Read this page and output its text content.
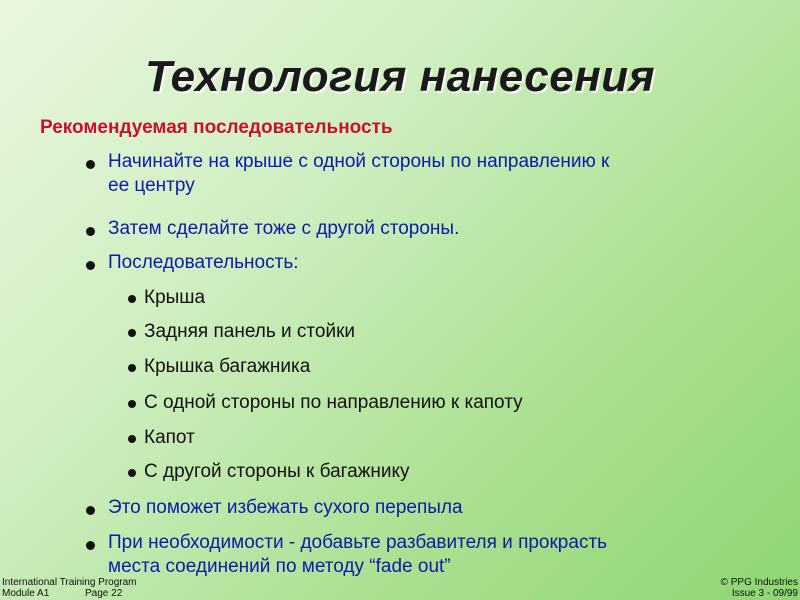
Технология нанесения
Рекомендуемая последовательность
Начинайте на крыше с одной стороны по направлению к
ее центру
Затем сделайте тоже с другой стороны.
Последовательность:
Крыша
Задняя панель и стойки
Крышка багажника
С одной стороны по направлению к капоту
Капот
С другой стороны к багажнику
Это поможет избежать сухого перепыла
При необходимости - добавьте разбавителя и прокрасть
места соединений по методу “fade out”
International Training Program
Module A1	Page 22
© PPG Industries
Issue 3 - 09/99
